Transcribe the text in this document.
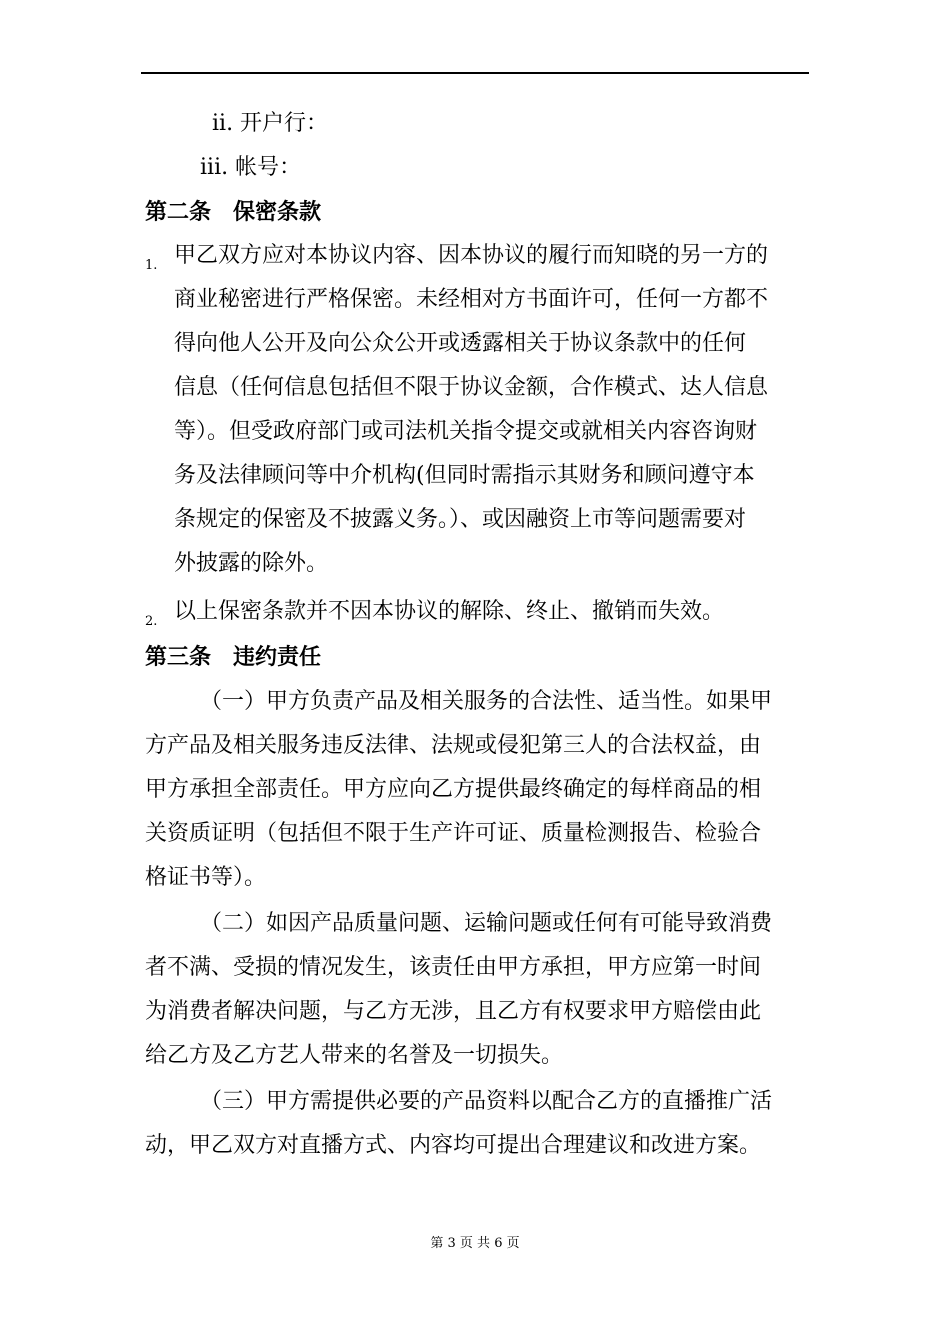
ii. 开户行：
iii. 帐号：
第二条　保密条款
1. 甲乙双方应对本协议内容、因本协议的履行而知晓的另一方的
商业秘密进行严格保密。未经相对方书面许可，任何一方都不
得向他人公开及向公众公开或透露相关于协议条款中的任何
信息（任何信息包括但不限于协议金额，合作模式、达人信息
等）。但受政府部门或司法机关指令提交或就相关内容咨询财
务及法律顾问等中介机构(但同时需指示其财务和顾问遵守本
条规定的保密及不披露义务。）、或因融资上市等问题需要对
外披露的除外。
2. 以上保密条款并不因本协议的解除、终止、撤销而失效。
第三条　违约责任
（一）甲方负责产品及相关服务的合法性、适当性。如果甲
方产品及相关服务违反法律、法规或侵犯第三人的合法权益，由
甲方承担全部责任。甲方应向乙方提供最终确定的每样商品的相
关资质证明（包括但不限于生产许可证、质量检测报告、检验合
格证书等）。
（二）如因产品质量问题、运输问题或任何有可能导致消费
者不满、受损的情况发生，该责任由甲方承担，甲方应第一时间
为消费者解决问题，与乙方无涉，且乙方有权要求甲方赔偿由此
给乙方及乙方艺人带来的名誉及一切损失。
（三）甲方需提供必要的产品资料以配合乙方的直播推广活
动，甲乙双方对直播方式、内容均可提出合理建议和改进方案。
第 3 页 共 6 页
